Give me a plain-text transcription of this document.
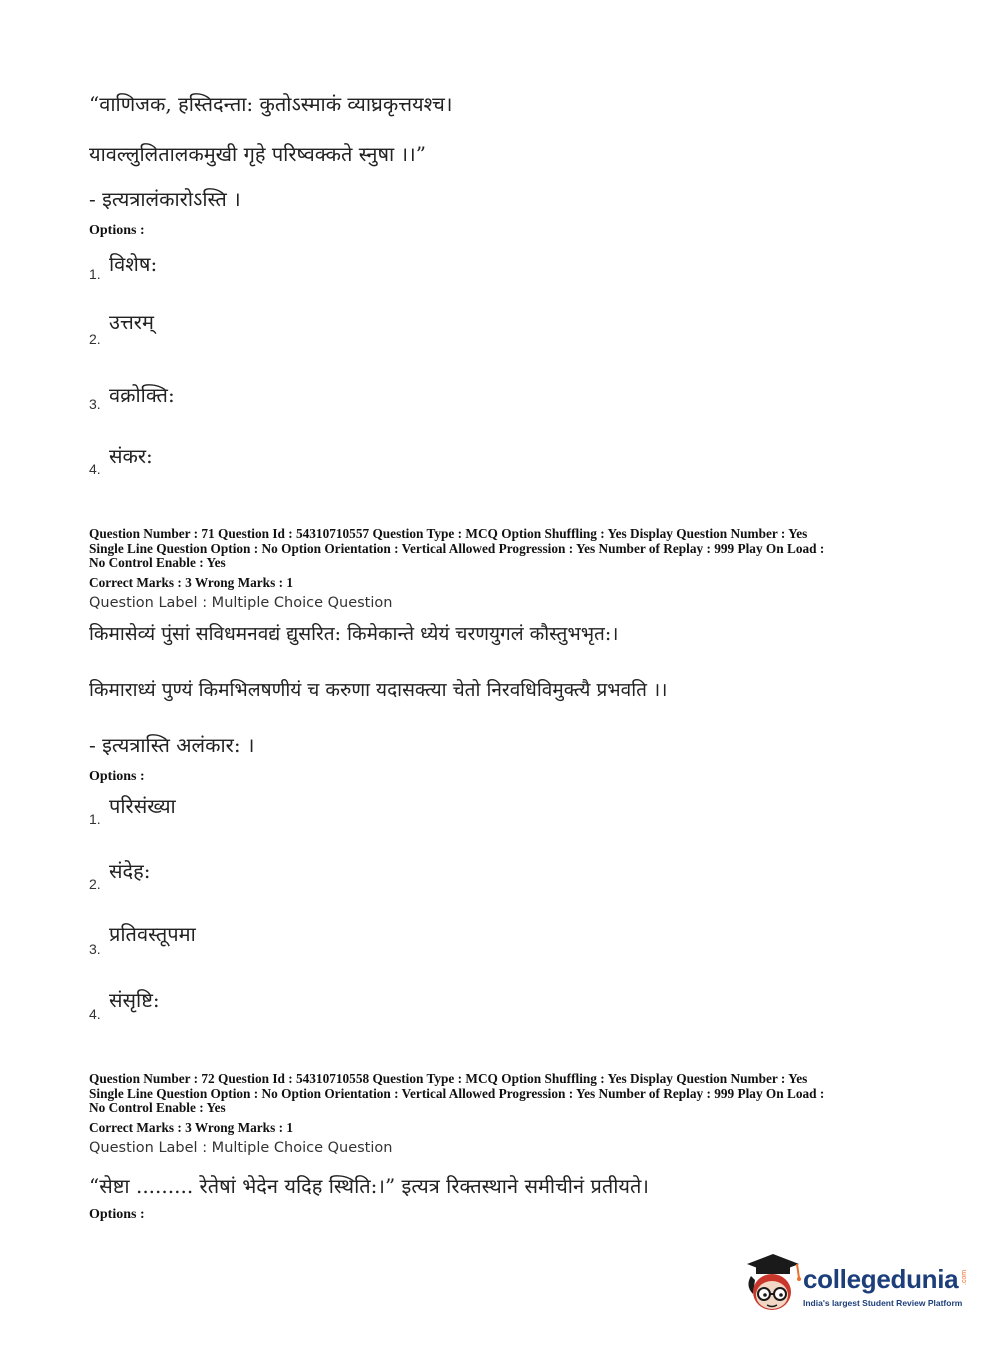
“वाणिजक, हस्तिदन्ता: कुतोऽस्माकं व्याघ्रकृत्तयश्च।
यावल्लुलितालकमुखी गृहे परिष्वक्कते स्नुषा ।।”
- इत्यत्रालंकारोऽस्ति ।
Options :
1. विशेष:
2.
उत्तरम्
3. वक्रोक्ति:
4.
संकर:
Question Number : 71 Question Id : 54310710557 Question Type : MCQ Option Shuffling : Yes Display Question Number : Yes
Single Line Question Option : No Option Orientation : Vertical Allowed Progression : Yes Number of Replay : 999 Play On Load :
No Control Enable : Yes
Correct Marks : 3 Wrong Marks : 1
Question Label : Multiple Choice Question
किमासेव्यं पुंसां सविधमनवद्यं द्युसरित: किमेकान्ते ध्येयं चरणयुगलं कौस्तुभभृत:।
किमाराध्यं पुण्यं किमभिलषणीयं च करुणा यदासक्त्या चेतो निरवधिविमुक्त्यै प्रभवति ।।
- इत्यत्रास्ति अलंकार: ।
Options :
1.
परिसंख्या
2.
संदेह:
3.
प्रतिवस्तूपमा
4.
संसृष्टि:
Question Number : 72 Question Id : 54310710558 Question Type : MCQ Option Shuffling : Yes Display Question Number : Yes
Single Line Question Option : No Option Orientation : Vertical Allowed Progression : Yes Number of Replay : 999 Play On Load :
No Control Enable : Yes
Correct Marks : 3 Wrong Marks : 1
Question Label : Multiple Choice Question
“सेष्टा ......... रेतेषां भेदेन यदिह स्थिति:।” इत्यत्र रिक्तस्थाने समीचीनं प्रतीयते।
Options :
collegedunia .com
India's largest Student Review Platform
